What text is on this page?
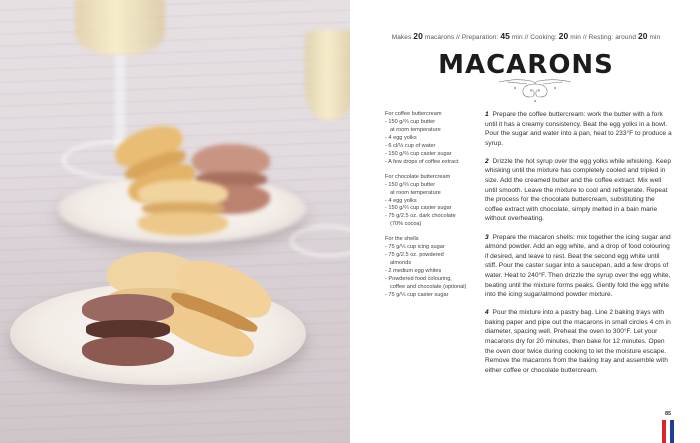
Makes 20 macarons // Preparation: 45 min // Cooking: 20 min // Resting: around 20 min
MACARONS
For coffee buttercream
- 150 g/⅔ cup butter
at room temperature
- 4 egg yolks
- 6 cl/⅓ cup of water
- 150 g/⅔ cup caster sugar
- A few drops of coffee extract
For chocolate buttercream
- 150 g/⅔ cup butter
at room temperature
- 4 egg yolks
- 150 g/⅔ cup caster sugar
- 75 g/2.5 oz. dark chocolate
(70% cocoa)
For the shells
- 75 g/⅓ cup icing sugar
- 75 g/2.5 oz. powdered
almonds
- 2 medium egg whites
- Powdered food colouring,
coffee and chocolate (optional)
- 75 g/⅓ cup caster sugar
1 Prepare the coffee buttercream: work the butter with a fork until it has a creamy consistency. Beat the egg yolks in a bowl. Pour the sugar and water into a pan, heat to 233°F to produce a syrup.
2 Drizzle the hot syrup over the egg yolks while whisking. Keep whisking until the mixture has completely cooled and tripled in size. Add the creamed butter and the coffee extract. Mix well until smooth. Leave the mixture to cool and refrigerate. Repeat the process for the chocolate buttercream, substituting the coffee extract with chocolate, simply melted in a bain marie without overheating.
3 Prepare the macaron shells: mix together the icing sugar and almond powder. Add an egg white, and a drop of food colouring if desired, and leave to rest. Beat the second egg white until stiff. Pour the caster sugar into a saucepan, add a few drops of water. Heat to 240°F. Then drizzle the syrup over the egg white, beating until the mixture forms peaks. Gently fold the egg white into the icing sugar/almond powder mixture.
4 Pour the mixture into a pastry bag. Line 2 baking trays with baking paper and pipe out the macarons in small circles 4 cm in diameter, spacing well. Preheat the oven to 300°F. Let your macarons dry for 20 minutes, then bake for 12 minutes. Open the oven door twice during cooking to let the moisture escape. Remove the macarons from the baking tray and assemble with either coffee or chocolate buttercream.
85
